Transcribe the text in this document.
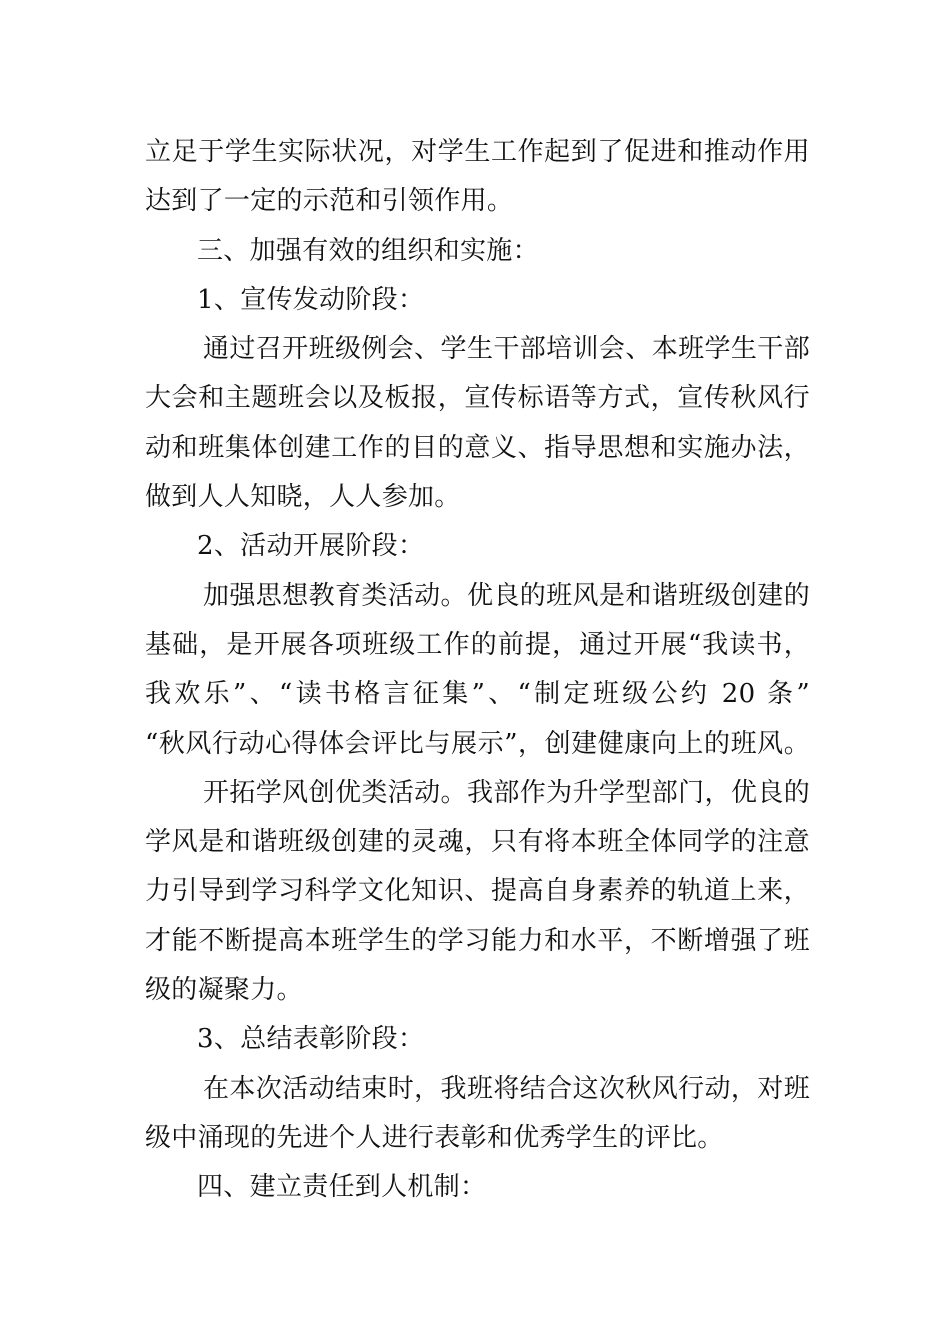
立足于学生实际状况，对学生工作起到了促进和推动作用
达到了一定的示范和引领作用。
三、加强有效的组织和实施：
1、宣传发动阶段：
通过召开班级例会、学生干部培训会、本班学生干部
大会和主题班会以及板报，宣传标语等方式，宣传秋风行
动和班集体创建工作的目的意义、指导思想和实施办法，
做到人人知晓，人人参加。
2、活动开展阶段：
加强思想教育类活动。优良的班风是和谐班级创建的
基础，是开展各项班级工作的前提，通过开展“我读书，
我欢乐”、“读书格言征集”、“制定班级公约 20 条”
“秋风行动心得体会评比与展示”，创建健康向上的班风。
开拓学风创优类活动。我部作为升学型部门，优良的
学风是和谐班级创建的灵魂，只有将本班全体同学的注意
力引导到学习科学文化知识、提高自身素养的轨道上来，
才能不断提高本班学生的学习能力和水平，不断增强了班
级的凝聚力。
3、总结表彰阶段：
在本次活动结束时，我班将结合这次秋风行动，对班
级中涌现的先进个人进行表彰和优秀学生的评比。
四、建立责任到人机制：
